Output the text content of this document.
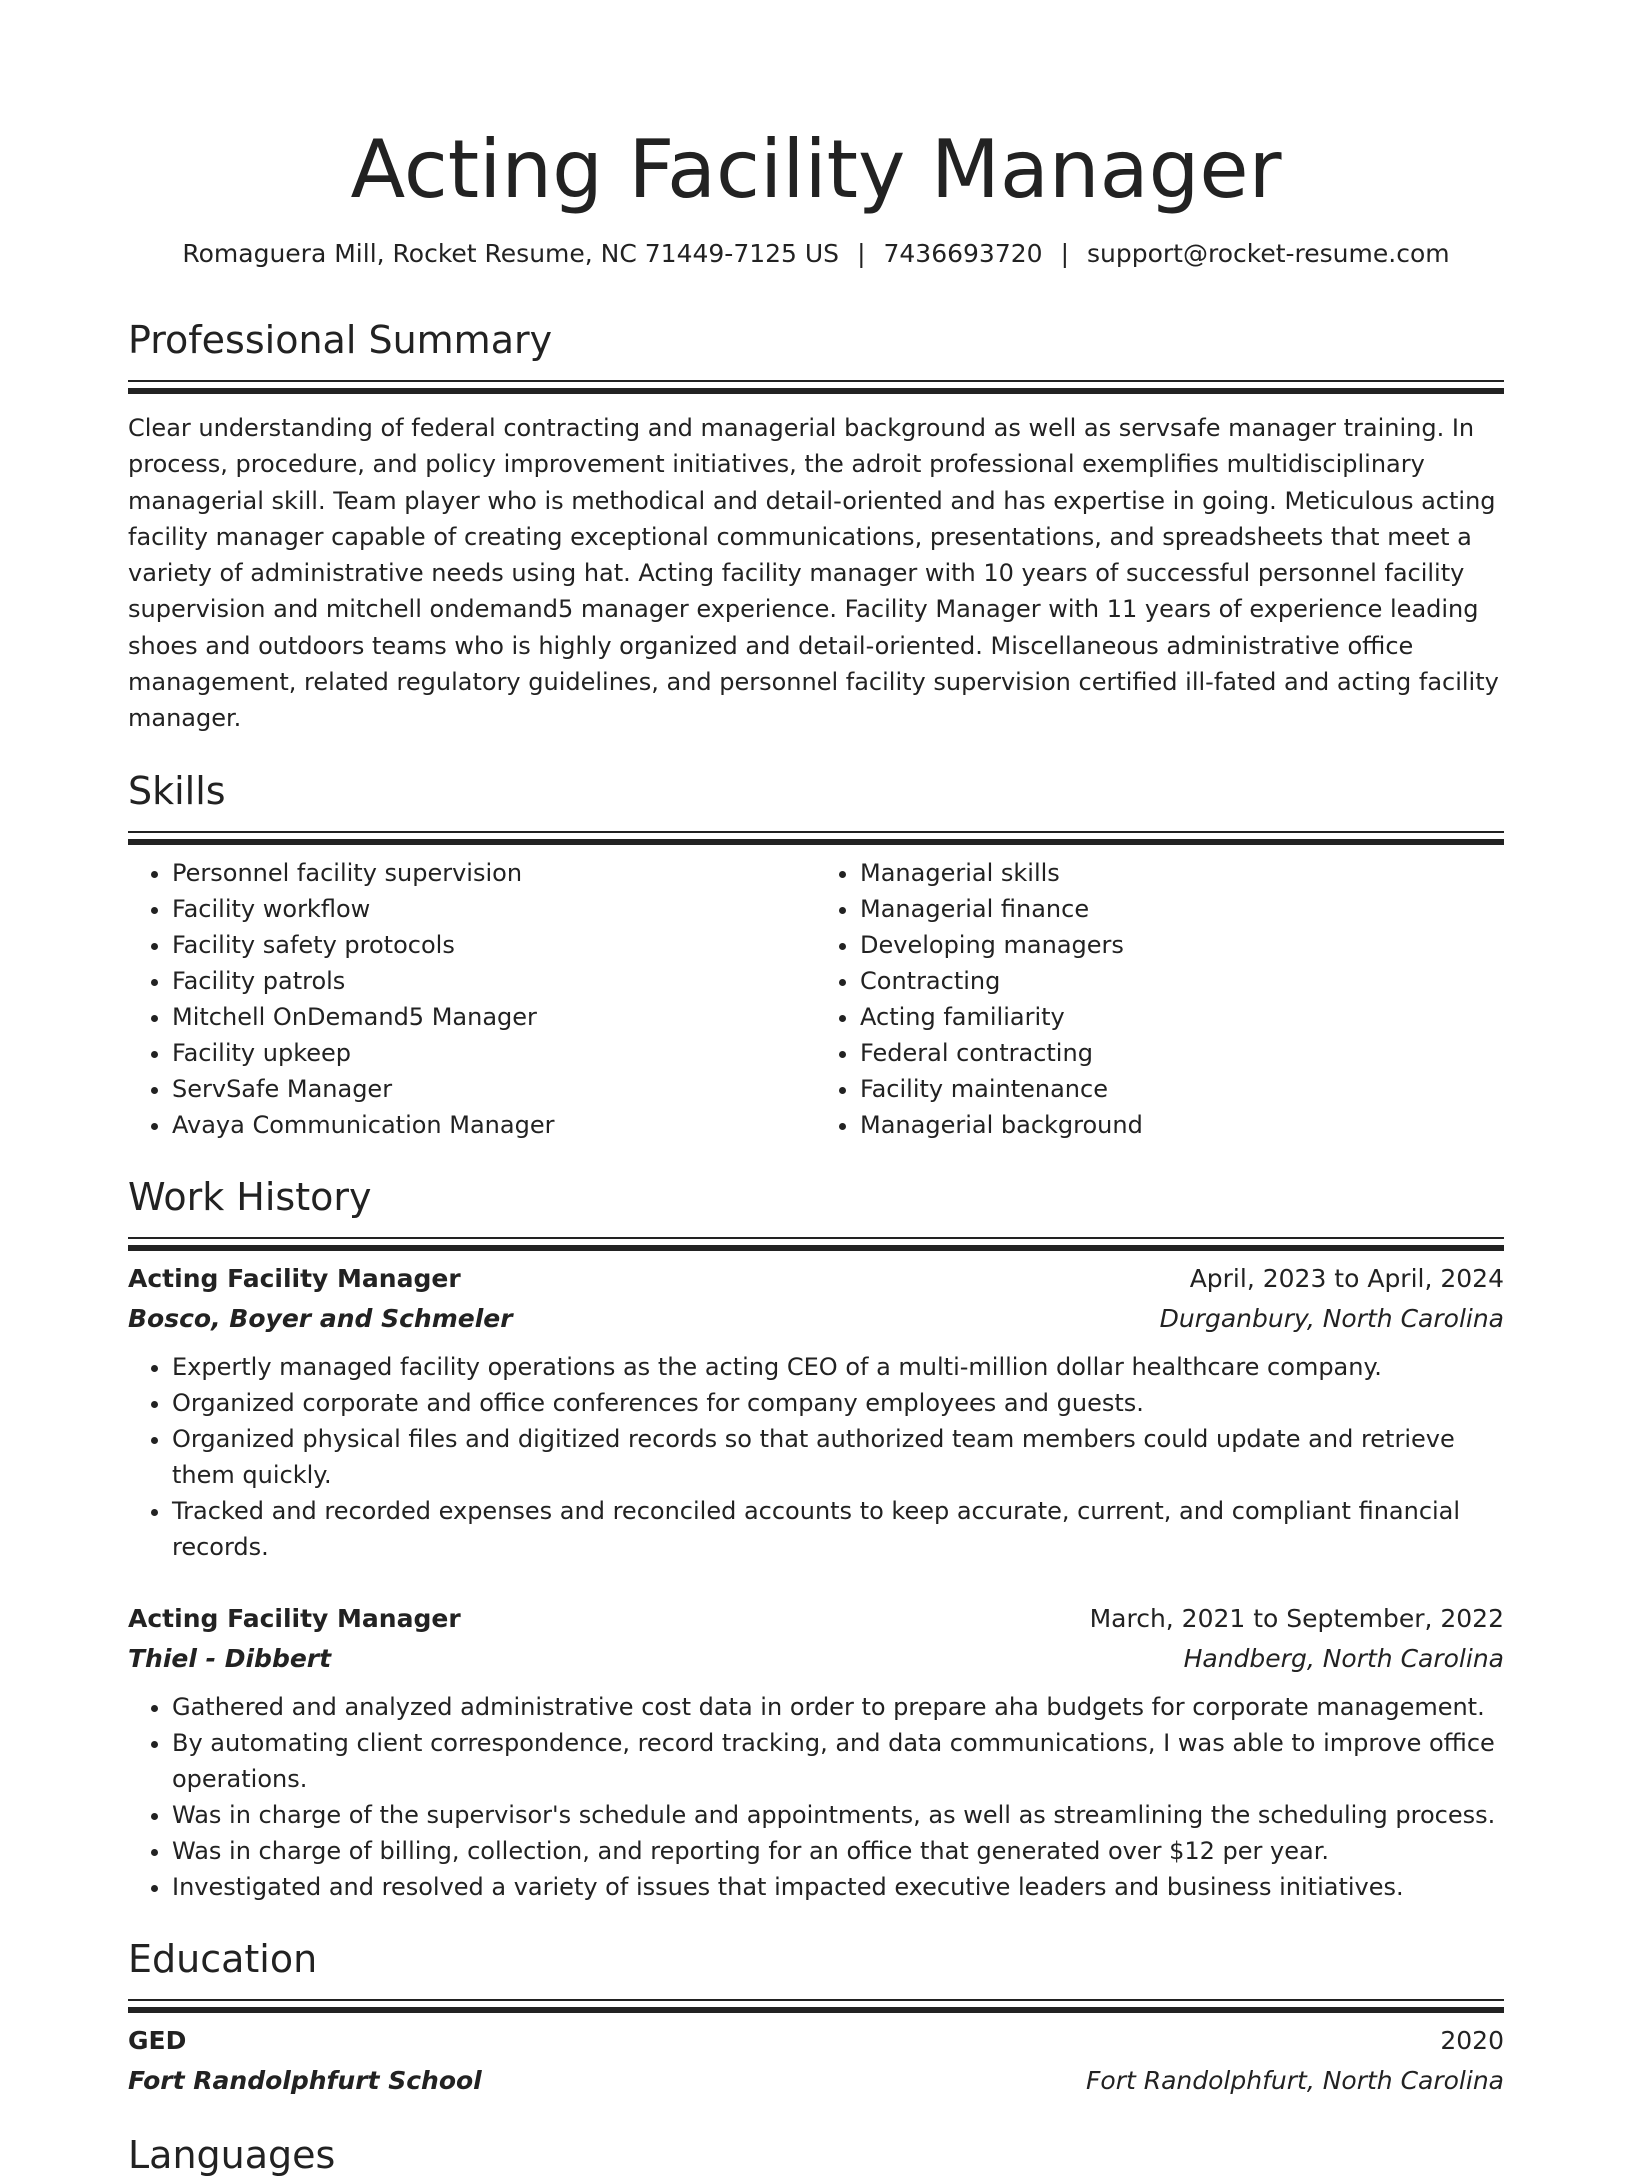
Acting Facility Manager
Romaguera Mill, Rocket Resume, NC 71449-7125 US | 7436693720 | support@rocket-resume.com
Professional Summary
Clear understanding of federal contracting and managerial background as well as servsafe manager training. In process, procedure, and policy improvement initiatives, the adroit professional exemplifies multidisciplinary managerial skill. Team player who is methodical and detail-oriented and has expertise in going. Meticulous acting facility manager capable of creating exceptional communications, presentations, and spreadsheets that meet a variety of administrative needs using hat. Acting facility manager with 10 years of successful personnel facility supervision and mitchell ondemand5 manager experience. Facility Manager with 11 years of experience leading shoes and outdoors teams who is highly organized and detail-oriented. Miscellaneous administrative office management, related regulatory guidelines, and personnel facility supervision certified ill-fated and acting facility manager.
Skills
• Personnel facility supervision
• Facility workflow
• Facility safety protocols
• Facility patrols
• Mitchell OnDemand5 Manager
• Facility upkeep
• ServSafe Manager
• Avaya Communication Manager
• Managerial skills
• Managerial finance
• Developing managers
• Contracting
• Acting familiarity
• Federal contracting
• Facility maintenance
• Managerial background
Work History
Acting Facility Manager	April, 2023 to April, 2024
Bosco, Boyer and Schmeler	Durganbury, North Carolina
• Expertly managed facility operations as the acting CEO of a multi-million dollar healthcare company.
• Organized corporate and office conferences for company employees and guests.
• Organized physical files and digitized records so that authorized team members could update and retrieve them quickly.
• Tracked and recorded expenses and reconciled accounts to keep accurate, current, and compliant financial records.
Acting Facility Manager	March, 2021 to September, 2022
Thiel - Dibbert	Handberg, North Carolina
• Gathered and analyzed administrative cost data in order to prepare aha budgets for corporate management.
• By automating client correspondence, record tracking, and data communications, I was able to improve office operations.
• Was in charge of the supervisor's schedule and appointments, as well as streamlining the scheduling process.
• Was in charge of billing, collection, and reporting for an office that generated over $12 per year.
• Investigated and resolved a variety of issues that impacted executive leaders and business initiatives.
Education
GED	2020
Fort Randolphfurt School	Fort Randolphfurt, North Carolina
Languages
